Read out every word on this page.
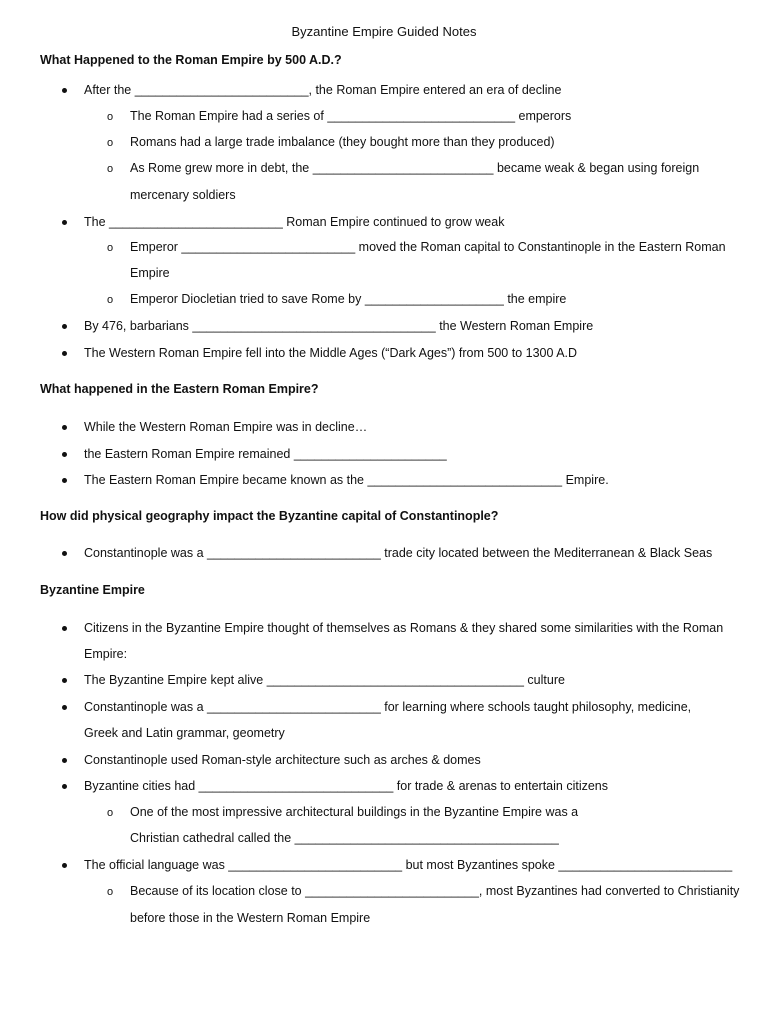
Byzantine Empire Guided Notes
What Happened to the Roman Empire by 500 A.D.?
After the _________________________, the Roman Empire entered an era of decline
o The Roman Empire had a series of ___________________________ emperors
o Romans had a large trade imbalance (they bought more than they produced)
o As Rome grew more in debt, the __________________________ became weak & began using foreign
mercenary soldiers
The _________________________ Roman Empire continued to grow weak
o Emperor _________________________ moved the Roman capital to Constantinople in the Eastern Roman
Empire
o Emperor Diocletian tried to save Rome by ____________________ the empire
By 476, barbarians ___________________________________ the Western Roman Empire
The Western Roman Empire fell into the Middle Ages (“Dark Ages”) from 500 to 1300 A.D
What happened in the Eastern Roman Empire?
While the Western Roman Empire was in decline…
the Eastern Roman Empire remained ______________________
The Eastern Roman Empire became known as the ____________________________ Empire.
How did physical geography impact the Byzantine capital of Constantinople?
Constantinople was a _________________________ trade city located between the Mediterranean & Black Seas
Byzantine Empire
Citizens in the Byzantine Empire thought of themselves as Romans & they shared some similarities with the Roman
Empire:
The Byzantine Empire kept alive _____________________________________ culture
Constantinople was a _________________________ for learning where schools taught philosophy, medicine,
Greek and Latin grammar, geometry
Constantinople used Roman-style architecture such as arches & domes
Byzantine cities had ____________________________ for trade & arenas to entertain citizens
o One of the most impressive architectural buildings in the Byzantine Empire was a
Christian cathedral called the ______________________________________
The official language was _________________________ but most Byzantines spoke _________________________
o Because of its location close to _________________________, most Byzantines had converted to Christianity
before those in the Western Roman Empire
